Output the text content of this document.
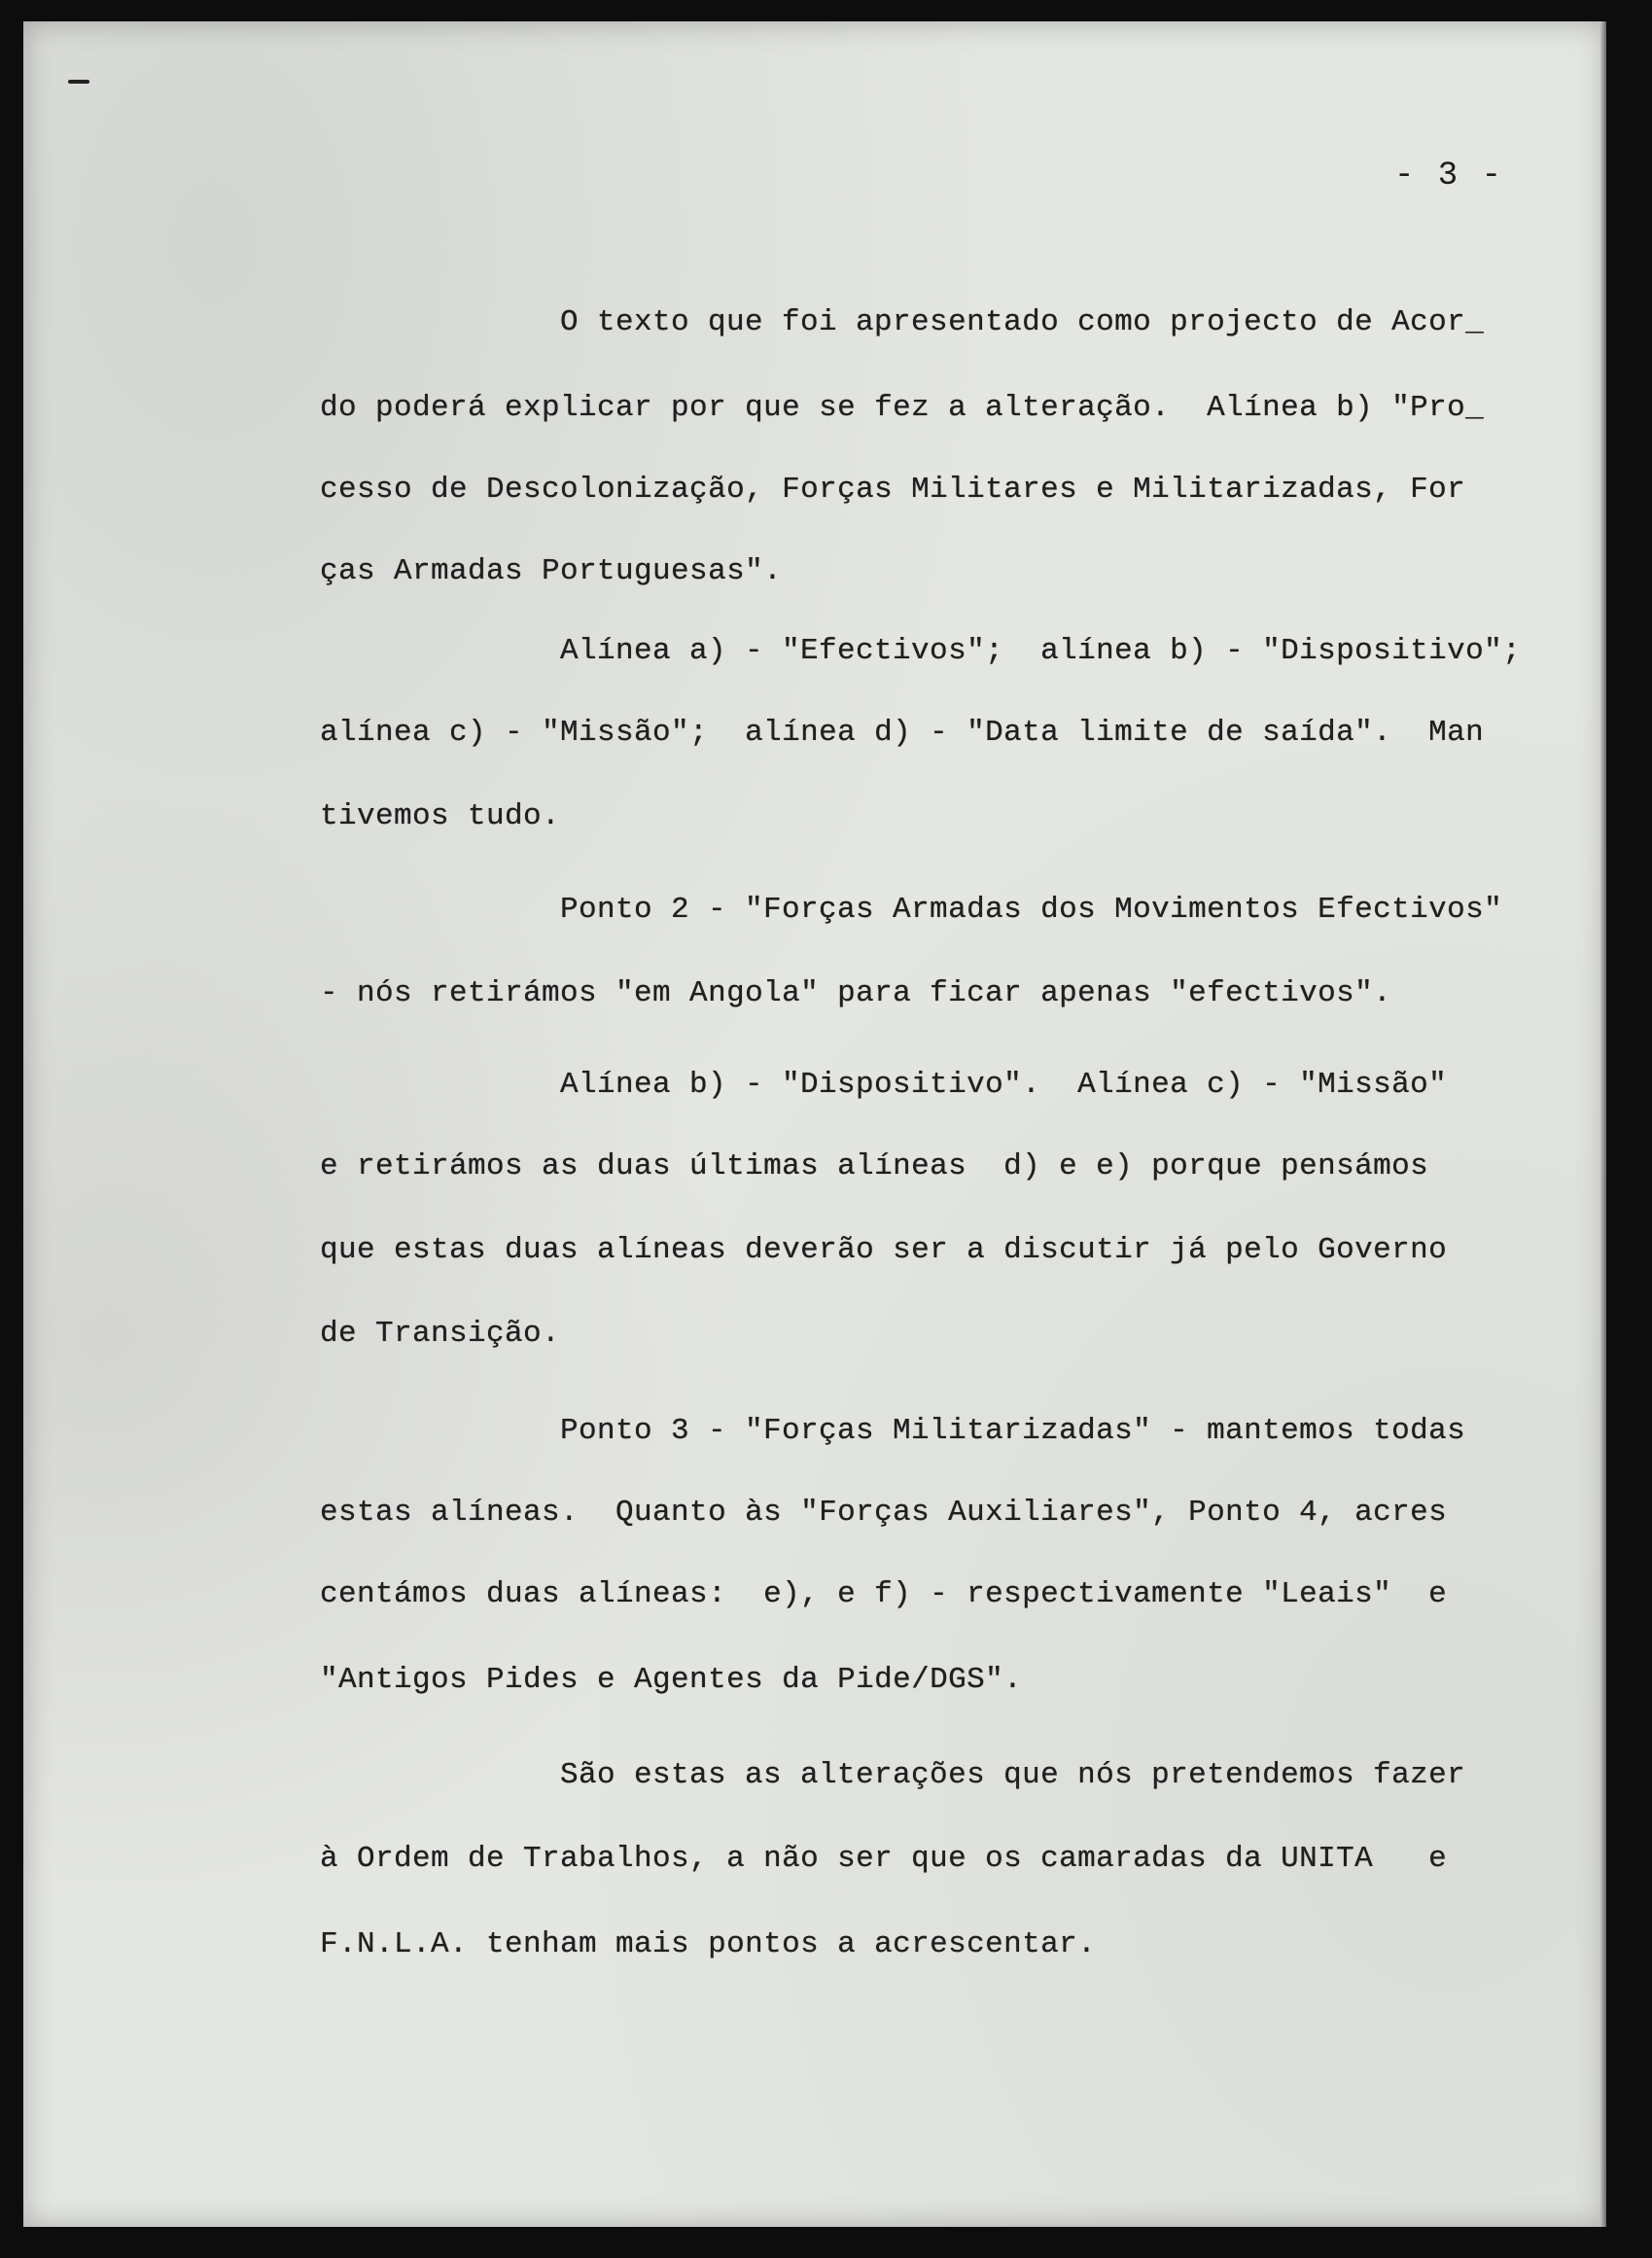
- 3 -
O texto que foi apresentado como projecto de Acor_
do poderá explicar por que se fez a alteração.  Alínea b) "Pro_
cesso de Descolonização, Forças Militares e Militarizadas, For
ças Armadas Portuguesas".
Alínea a) - "Efectivos";  alínea b) - "Dispositivo";
alínea c) - "Missão";  alínea d) - "Data limite de saída".  Man
tivemos tudo.
Ponto 2 - "Forças Armadas dos Movimentos Efectivos"
- nós retirámos "em Angola" para ficar apenas "efectivos".
Alínea b) - "Dispositivo".  Alínea c) - "Missão"
e retirámos as duas últimas alíneas  d) e e) porque pensámos
que estas duas alíneas deverão ser a discutir já pelo Governo
de Transição.
Ponto 3 - "Forças Militarizadas" - mantemos todas
estas alíneas.  Quanto às "Forças Auxiliares", Ponto 4, acres
centámos duas alíneas:  e), e f) - respectivamente "Leais"  e
"Antigos Pides e Agentes da Pide/DGS".
São estas as alterações que nós pretendemos fazer
à Ordem de Trabalhos, a não ser que os camaradas da UNITA   e
F.N.L.A. tenham mais pontos a acrescentar.
